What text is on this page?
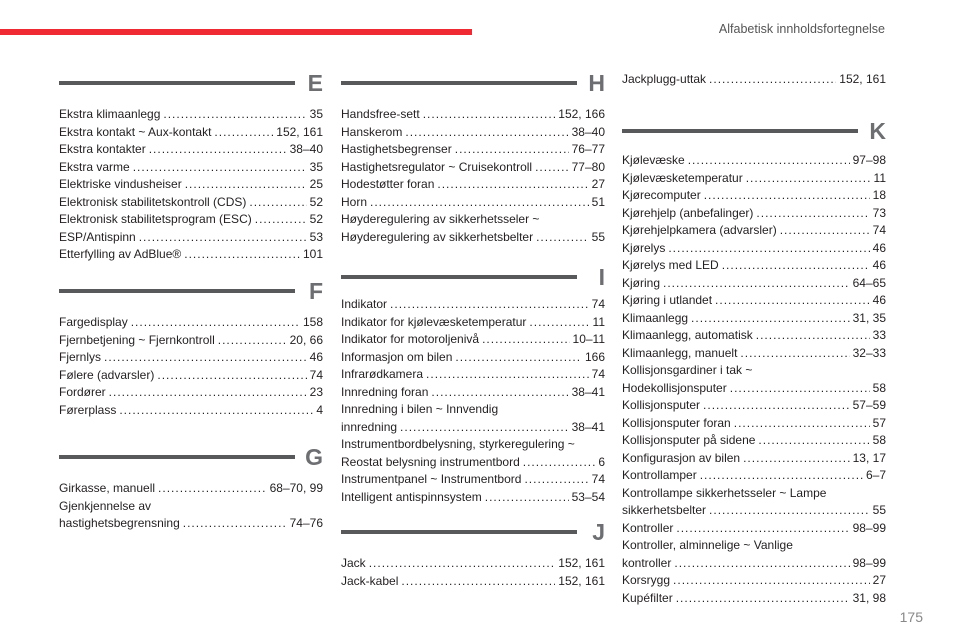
Alfabetisk innholdsfortegnelse
175
E
Ekstra klimaanlegg .....	35
Ekstra kontakt ~ Aux-kontakt .....	152, 161
Ekstra kontakter .....	38–40
Ekstra varme .....	35
Elektriske vindusheiser .....	25
Elektronisk stabilitetskontroll (CDS) .....	52
Elektronisk stabilitetsprogram (ESC) .....	52
ESP/Antispinn .....	53
Etterfylling av AdBlue® .....	101
F
Fargedisplay .....	158
Fjernbetjening ~ Fjernkontroll .....	20, 66
Fjernlys .....	46
Følere (advarsler) .....	74
Fordører .....	23
Førerplass .....	4
G
Girkasse, manuell .....	68–70, 99
Gjenkjennelse av
hastighetsbegrensning .....	74–76
H
Handsfree-sett .....	152, 166
Hanskerom .....	38–40
Hastighetsbegrenser .....	76–77
Hastighetsregulator ~ Cruisekontroll .....	77–80
Hodestøtter foran .....	27
Horn .....	51
Høyderegulering av sikkerhetsseler ~
Høyderegulering av sikkerhetsbelter .....	55
I
Indikator .....	74
Indikator for kjølevæsketemperatur .....	11
Indikator for motoroljenivå .....	10–11
Informasjon om bilen .....	166
Infrarødkamera .....	74
Innredning foran .....	38–41
Innredning i bilen ~ Innvendig
innredning .....	38–41
Instrumentbordbelysning, styrkeregulering ~
Reostat belysning instrumentbord .....	6
Instrumentpanel ~ Instrumentbord .....	74
Intelligent antispinnsystem .....	53–54
J
Jack .....	152, 161
Jack-kabel .....	152, 161
Jackplugg-uttak .....	152, 161
K
Kjølevæske .....	97–98
Kjølevæsketemperatur .....	11
Kjørecomputer .....	18
Kjørehjelp (anbefalinger) .....	73
Kjørehjelpkamera (advarsler) .....	74
Kjørelys .....	46
Kjørelys med LED .....	46
Kjøring .....	64–65
Kjøring i utlandet .....	46
Klimaanlegg .....	31, 35
Klimaanlegg, automatisk .....	33
Klimaanlegg, manuelt .....	32–33
Kollisjonsgardiner i tak ~
Hodekollisjonsputer .....	58
Kollisjonsputer .....	57–59
Kollisjonsputer foran .....	57
Kollisjonsputer på sidene .....	58
Konfigurasjon av bilen .....	13, 17
Kontrollamper .....	6–7
Kontrollampe sikkerhetsseler ~ Lampe
sikkerhetsbelter .....	55
Kontroller .....	98–99
Kontroller, alminnelige ~ Vanlige
kontroller .....	98–99
Korsrygg .....	27
Kupéfilter .....	31, 98
